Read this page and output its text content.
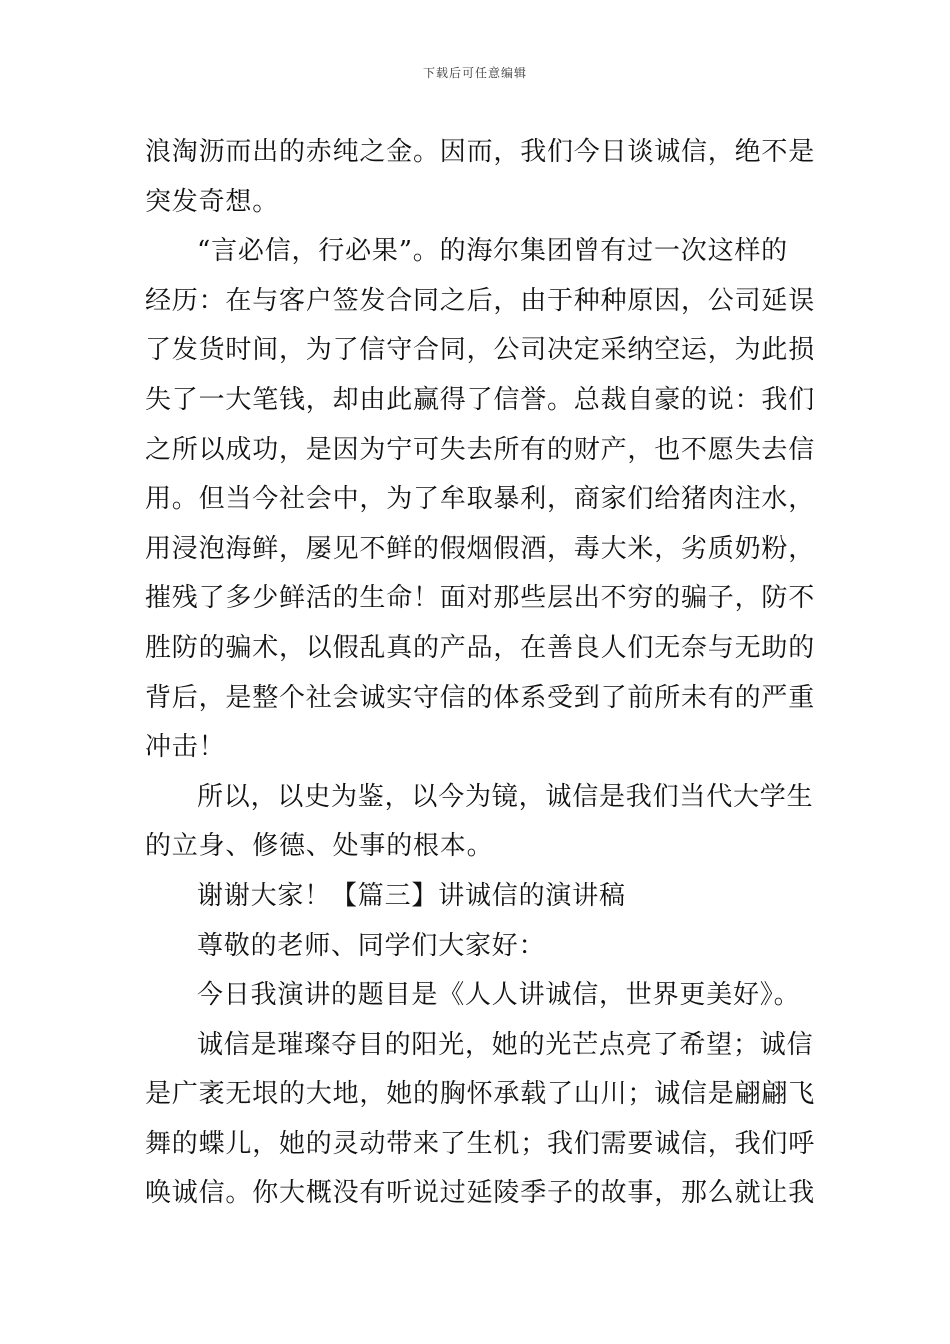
下载后可任意编辑
浪淘沥而出的赤纯之金。因而，我们今日谈诚信，绝不是
突发奇想。
“言必信，行必果”。的海尔集团曾有过一次这样的
经历：在与客户签发合同之后，由于种种原因，公司延误
了发货时间，为了信守合同，公司决定采纳空运，为此损
失了一大笔钱，却由此赢得了信誉。总裁自豪的说：我们
之所以成功，是因为宁可失去所有的财产，也不愿失去信
用。但当今社会中，为了牟取暴利，商家们给猪肉注水，
用浸泡海鲜，屡见不鲜的假烟假酒，毒大米，劣质奶粉，
摧残了多少鲜活的生命！面对那些层出不穷的骗子，防不
胜防的骗术，以假乱真的产品，在善良人们无奈与无助的
背后，是整个社会诚实守信的体系受到了前所未有的严重
冲击！
所以，以史为鉴，以今为镜，诚信是我们当代大学生
的立身、修德、处事的根本。
谢谢大家！【篇三】讲诚信的演讲稿
尊敬的老师、同学们大家好：
今日我演讲的题目是《人人讲诚信，世界更美好》。
诚信是璀璨夺目的阳光，她的光芒点亮了希望；诚信
是广袤无垠的大地，她的胸怀承载了山川；诚信是翩翩飞
舞的蝶儿，她的灵动带来了生机；我们需要诚信，我们呼
唤诚信。你大概没有听说过延陵季子的故事，那么就让我
